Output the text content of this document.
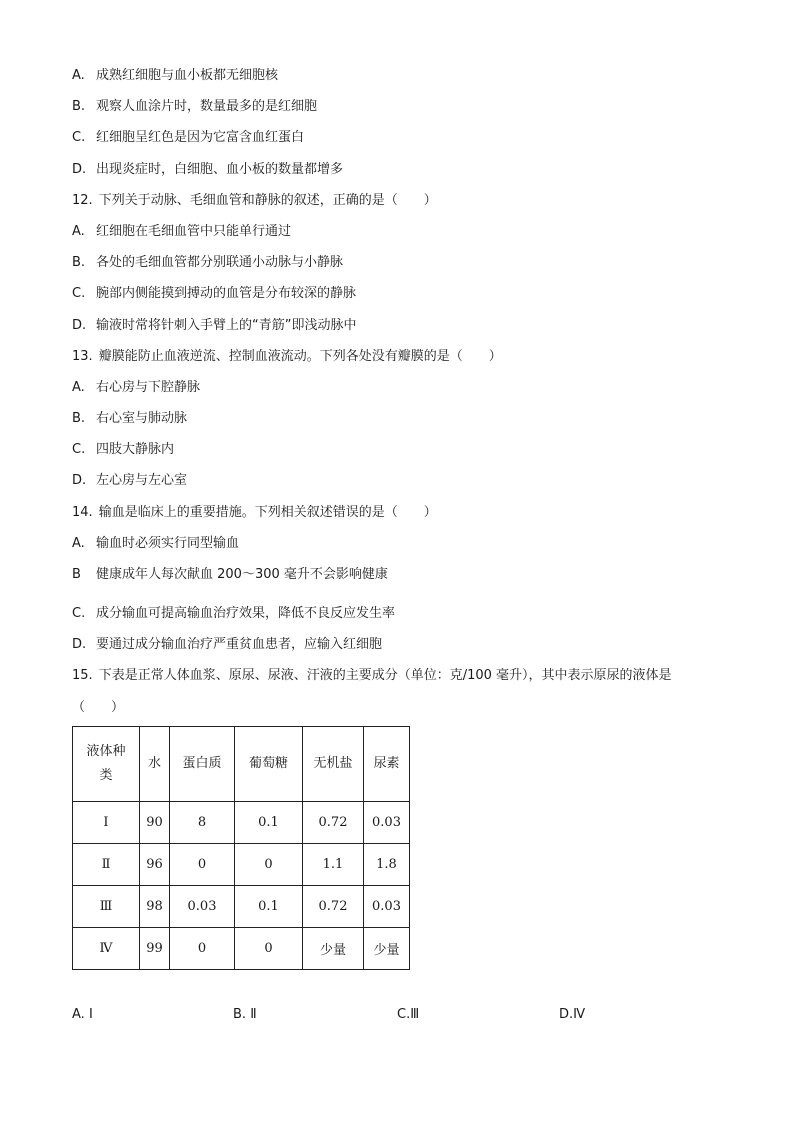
A. 成熟红细胞与血小板都无细胞核
B. 观察人血涂片时，数量最多的是红细胞
C. 红细胞呈红色是因为它富含血红蛋白
D. 出现炎症时，白细胞、血小板的数量都增多
12. 下列关于动脉、毛细血管和静脉的叙述，正确的是（　　）
A. 红细胞在毛细血管中只能单行通过
B. 各处的毛细血管都分别联通小动脉与小静脉
C. 腕部内侧能摸到搏动的血管是分布较深的静脉
D. 输液时常将针刺入手臂上的“青筋”即浅动脉中
13. 瓣膜能防止血液逆流、控制血液流动。下列各处没有瓣膜的是（　　）
A. 右心房与下腔静脉
B. 右心室与肺动脉
C. 四肢大静脉内
D. 左心房与左心室
14. 输血是临床上的重要措施。下列相关叙述错误的是（　　）
A. 输血时必须实行同型输血
B 健康成年人每次献血 200～300 毫升不会影响健康
C. 成分输血可提高输血治疗效果，降低不良反应发生率
D. 要通过成分输血治疗严重贫血患者，应输入红细胞
15. 下表是正常人体血浆、原尿、尿液、汗液的主要成分（单位：克/100 毫升），其中表示原尿的液体是
（　　）
液体种
类	水	蛋白质	葡萄糖	无机盐	尿素
Ⅰ	90	8	0.1	0.72	0.03
Ⅱ	96	0	0	1.1	1.8
Ⅲ	98	0.03	0.1	0.72	0.03
Ⅳ	99	0	0	少量	少量
A. Ⅰ	B. Ⅱ	C.Ⅲ	D.Ⅳ
